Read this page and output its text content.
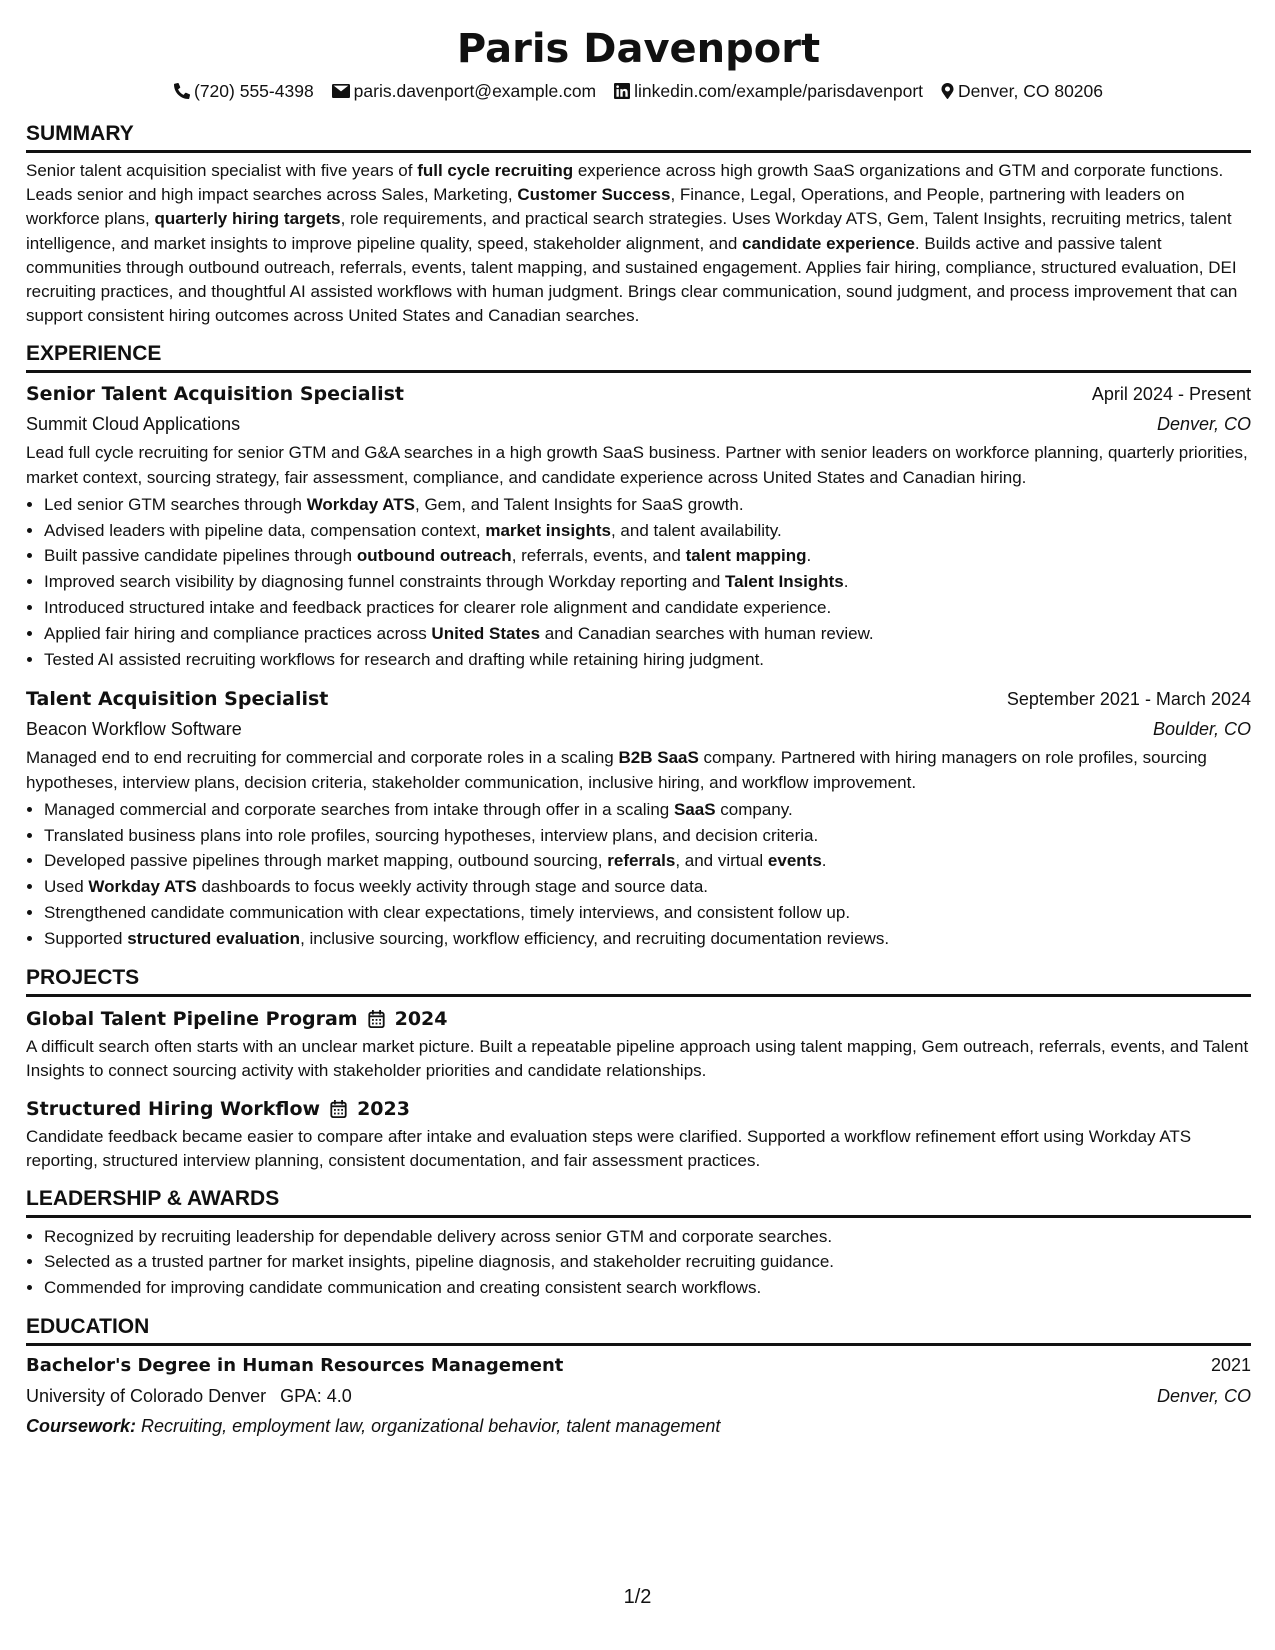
Paris Davenport
(720) 555-4398 paris.davenport@example.com linkedin.com/example/parisdavenport Denver, CO 80206
SUMMARY

Senior talent acquisition specialist with five years of full cycle recruiting experience across high growth SaaS organizations and GTM and corporate functions. Leads senior and high impact searches across Sales, Marketing, Customer Success, Finance, Legal, Operations, and People, partnering with leaders on workforce plans, quarterly hiring targets, role requirements, and practical search strategies. Uses Workday ATS, Gem, Talent Insights, recruiting metrics, talent intelligence, and market insights to improve pipeline quality, speed, stakeholder alignment, and candidate experience. Builds active and passive talent communities through outbound outreach, referrals, events, talent mapping, and sustained engagement. Applies fair hiring, compliance, structured evaluation, DEI recruiting practices, and thoughtful AI assisted workflows with human judgment. Brings clear communication, sound judgment, and process improvement that can support consistent hiring outcomes across United States and Canadian searches.

EXPERIENCE
Senior Talent Acquisition Specialist	April 2024 - Present
Summit Cloud Applications	Denver, CO

Lead full cycle recruiting for senior GTM and G&A searches in a high growth SaaS business. Partner with senior leaders on workforce planning, quarterly priorities, market context, sourcing strategy, fair assessment, compliance, and candidate experience across United States and Canadian hiring.

• Led senior GTM searches through Workday ATS, Gem, and Talent Insights for SaaS growth.
• Advised leaders with pipeline data, compensation context, market insights, and talent availability.
• Built passive candidate pipelines through outbound outreach, referrals, events, and talent mapping.
• Improved search visibility by diagnosing funnel constraints through Workday reporting and Talent Insights.
• Introduced structured intake and feedback practices for clearer role alignment and candidate experience.
• Applied fair hiring and compliance practices across United States and Canadian searches with human review.
• Tested AI assisted recruiting workflows for research and drafting while retaining hiring judgment.
Talent Acquisition Specialist	September 2021 - March 2024
Beacon Workflow Software	Boulder, CO

Managed end to end recruiting for commercial and corporate roles in a scaling B2B SaaS company. Partnered with hiring managers on role profiles, sourcing hypotheses, interview plans, decision criteria, stakeholder communication, inclusive hiring, and workflow improvement.

• Managed commercial and corporate searches from intake through offer in a scaling SaaS company.
• Translated business plans into role profiles, sourcing hypotheses, interview plans, and decision criteria.
• Developed passive pipelines through market mapping, outbound sourcing, referrals, and virtual events.
• Used Workday ATS dashboards to focus weekly activity through stage and source data.
• Strengthened candidate communication with clear expectations, timely interviews, and consistent follow up.
• Supported structured evaluation, inclusive sourcing, workflow efficiency, and recruiting documentation reviews.
PROJECTS
Global Talent Pipeline Program 2024
A difficult search often starts with an unclear market picture. Built a repeatable pipeline approach using talent mapping, Gem outreach, referrals, events, and Talent Insights to connect sourcing activity with stakeholder priorities and candidate relationships.
Structured Hiring Workflow 2023
Candidate feedback became easier to compare after intake and evaluation steps were clarified. Supported a workflow refinement effort using Workday ATS reporting, structured interview planning, consistent documentation, and fair assessment practices.
LEADERSHIP & AWARDS
• Recognized by recruiting leadership for dependable delivery across senior GTM and corporate searches.
• Selected as a trusted partner for market insights, pipeline diagnosis, and stakeholder recruiting guidance.
• Commended for improving candidate communication and creating consistent search workflows.
EDUCATION
Bachelor's Degree in Human Resources Management	2021
University of Colorado Denver GPA: 4.0	Denver, CO
Coursework: Recruiting, employment law, organizational behavior, talent management
1/2
